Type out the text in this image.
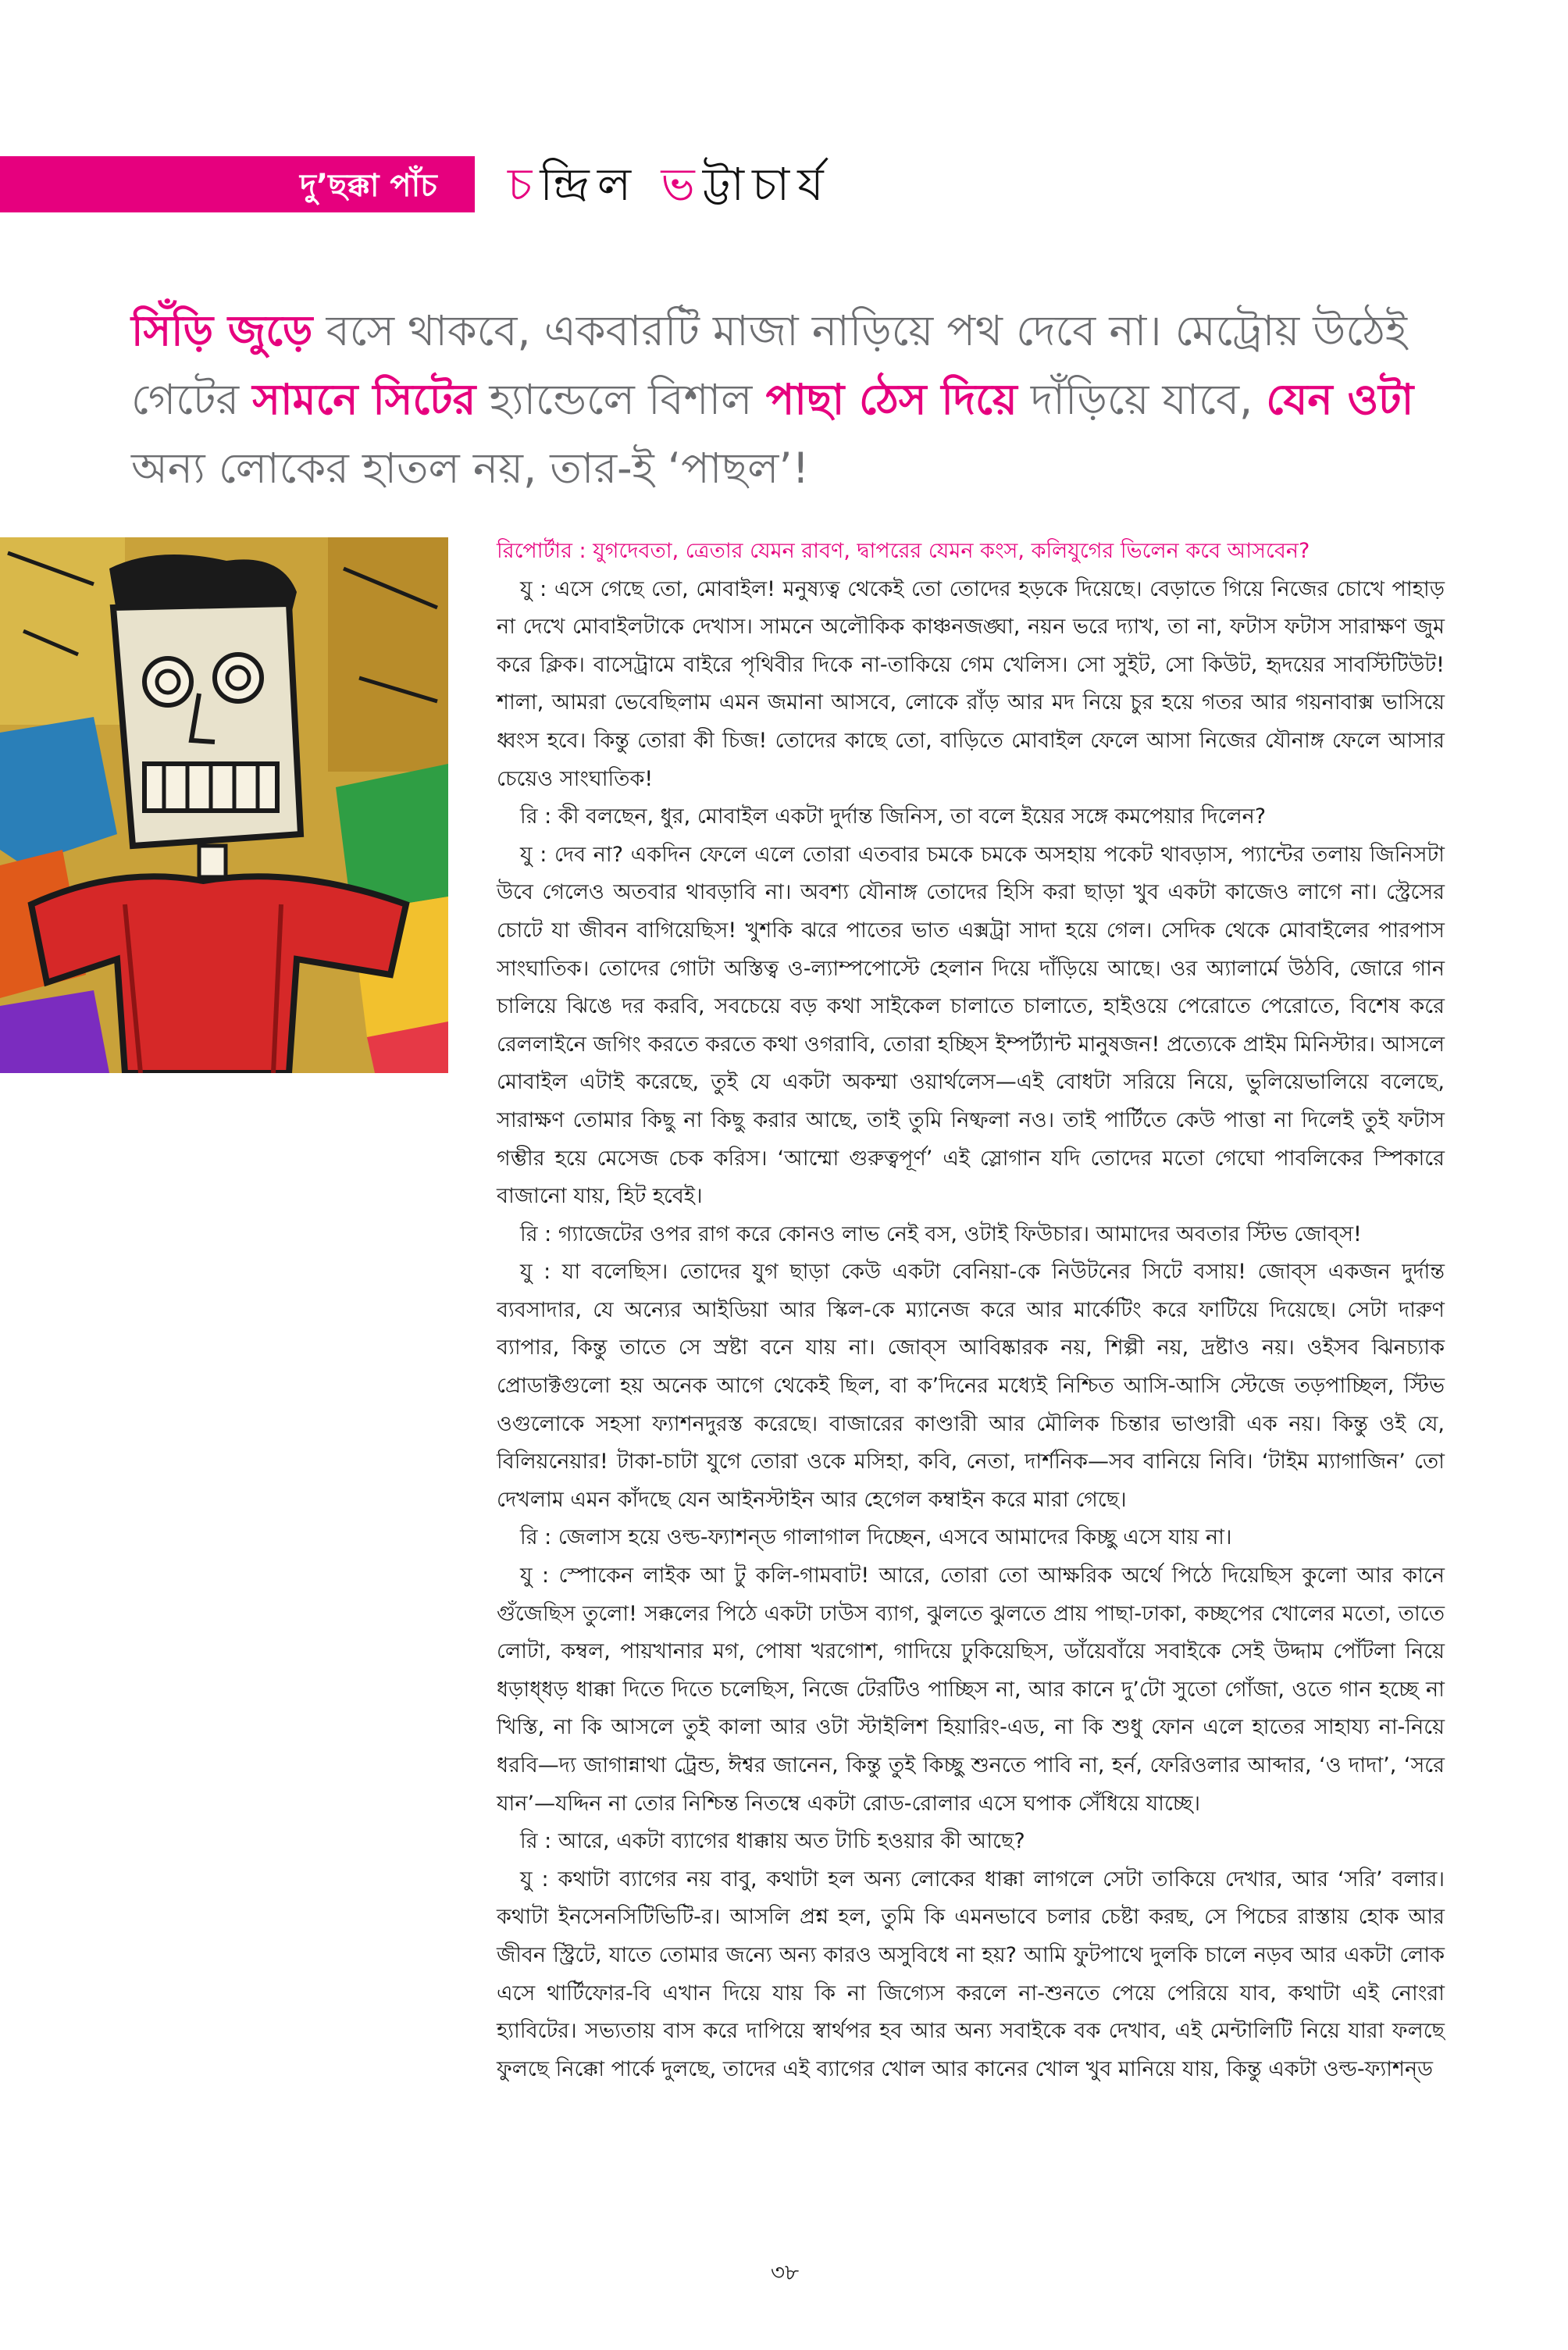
দু’ছক্কা পাঁচ চন্দ্রিল ভট্টাচার্য
সিঁড়ি জুড়ে বসে থাকবে, একবারটি মাজা নাড়িয়ে পথ দেবে না। মেট্রোয় উঠেই গেটের সামনে সিটের হ্যান্ডেলে বিশাল পাছা ঠেস দিয়ে দাঁড়িয়ে যাবে, যেন ওটা অন্য লোকের হাতল নয়, তার-ই ‘পাছল’!

রিপোর্টার : যুগদেবতা, ত্রেতার যেমন রাবণ, দ্বাপরের যেমন কংস, কলিযুগের ভিলেন কবে আসবেন?

যু : এসে গেছে তো, মোবাইল! মনুষ্যত্ব থেকেই তো তোদের হড়কে দিয়েছে। বেড়াতে গিয়ে নিজের চোখে পাহাড় না দেখে মোবাইলটাকে দেখাস। সামনে অলৌকিক কাঞ্চনজঙ্ঘা, নয়ন ভরে দ্যাখ, তা না, ফটাস ফটাস সারাক্ষণ জুম করে ক্লিক। বাসেট্রামে বাইরে পৃথিবীর দিকে না-তাকিয়ে গেম খেলিস। সো সুইট, সো কিউট, হৃদয়ের সাবস্টিটিউট! শালা, আমরা ভেবেছিলাম এমন জমানা আসবে, লোকে রাঁড় আর মদ নিয়ে চুর হয়ে গতর আর গয়নাবাক্স ভাসিয়ে ধ্বংস হবে। কিন্তু তোরা কী চিজ! তোদের কাছে তো, বাড়িতে মোবাইল ফেলে আসা নিজের যৌনাঙ্গ ফেলে আসার চেয়েও সাংঘাতিক!

রি : কী বলছেন, ধুর, মোবাইল একটা দুর্দান্ত জিনিস, তা বলে ইয়ের সঙ্গে কমপেয়ার দিলেন?

যু : দেব না? একদিন ফেলে এলে তোরা এতবার চমকে চমকে অসহায় পকেট থাবড়াস, প্যান্টের তলায় জিনিসটা উবে গেলেও অতবার থাবড়াবি না। অবশ্য যৌনাঙ্গ তোদের হিসি করা ছাড়া খুব একটা কাজেও লাগে না। স্ট্রেসের চোটে যা জীবন বাগিয়েছিস! খুশকি ঝরে পাতের ভাত এক্সট্রা সাদা হয়ে গেল। সেদিক থেকে মোবাইলের পারপাস সাংঘাতিক। তোদের গোটা অস্তিত্ব ও-ল্যাম্পপোস্টে হেলান দিয়ে দাঁড়িয়ে আছে। ওর অ্যালার্মে উঠবি, জোরে গান চালিয়ে ঝিঙে দর করবি, সবচেয়ে বড় কথা সাইকেল চালাতে চালাতে, হাইওয়ে পেরোতে পেরোতে, বিশেষ করে রেললাইনে জগিং করতে করতে কথা ওগরাবি, তোরা হচ্ছিস ইম্পর্ট্যান্ট মানুষজন! প্রত্যেকে প্রাইম মিনিস্টার। আসলে মোবাইল এটাই করেছে, তুই যে একটা অকম্মা ওয়ার্থলেস—এই বোধটা সরিয়ে নিয়ে, ভুলিয়েভালিয়ে বলেছে, সারাক্ষণ তোমার কিছু না কিছু করার আছে, তাই তুমি নিষ্ফলা নও। তাই পার্টিতে কেউ পাত্তা না দিলেই তুই ফটাস গম্ভীর হয়ে মেসেজ চেক করিস। ‘আম্মো গুরুত্বপূর্ণ’ এই স্লোগান যদি তোদের মতো গেঘো পাবলিকের স্পিকারে বাজানো যায়, হিট হবেই।

রি : গ্যাজেটের ওপর রাগ করে কোনও লাভ নেই বস, ওটাই ফিউচার। আমাদের অবতার স্টিভ জোব্‌স!

যু : যা বলেছিস। তোদের যুগ ছাড়া কেউ একটা বেনিয়া-কে নিউটনের সিটে বসায়! জোব্‌স একজন দুর্দান্ত ব্যবসাদার, যে অন্যের আইডিয়া আর স্কিল-কে ম্যানেজ করে আর মার্কেটিং করে ফাটিয়ে দিয়েছে। সেটা দারুণ ব্যাপার, কিন্তু তাতে সে স্রষ্টা বনে যায় না। জোব্‌স আবিষ্কারক নয়, শিল্পী নয়, দ্রষ্টাও নয়। ওইসব ঝিনচ্যাক প্রোডাক্টগুলো হয় অনেক আগে থেকেই ছিল, বা ক’দিনের মধ্যেই নিশ্চিত আসি-আসি স্টেজে তড়পাচ্ছিল, স্টিভ ওগুলোকে সহসা ফ্যাশনদুরস্ত করেছে। বাজারের কাণ্ডারী আর মৌলিক চিন্তার ভাণ্ডারী এক নয়। কিন্তু ওই যে, বিলিয়নেয়ার! টাকা-চাটা যুগে তোরা ওকে মসিহা, কবি, নেতা, দার্শনিক—সব বানিয়ে নিবি। ‘টাইম ম্যাগাজিন’ তো দেখলাম এমন কাঁদছে যেন আইনস্টাইন আর হেগেল কম্বাইন করে মারা গেছে।

রি : জেলাস হয়ে ওল্ড-ফ্যাশন্‌ড গালাগাল দিচ্ছেন, এসবে আমাদের কিচ্ছু এসে যায় না।

যু : স্পোকেন লাইক আ টু কলি-গামবাট! আরে, তোরা তো আক্ষরিক অর্থে পিঠে দিয়েছিস কুলো আর কানে গুঁজেছিস তুলো! সক্কলের পিঠে একটা ঢাউস ব্যাগ, ঝুলতে ঝুলতে প্রায় পাছা-ঢাকা, কচ্ছপের খোলের মতো, তাতে লোটা, কম্বল, পায়খানার মগ, পোষা খরগোশ, গাদিয়ে ঢুকিয়েছিস, ডাঁয়েবাঁয়ে সবাইকে সেই উদ্দাম পোঁটলা নিয়ে ধড়াধ্ধড় ধাক্কা দিতে দিতে চলেছিস, নিজে টেরটিও পাচ্ছিস না, আর কানে দু’টো সুতো গোঁজা, ওতে গান হচ্ছে না খিস্তি, না কি আসলে তুই কালা আর ওটা স্টাইলিশ হিয়ারিং-এড, না কি শুধু ফোন এলে হাতের সাহায্য না-নিয়ে ধরবি—দ্য জাগান্নাথা ট্রেন্ড, ঈশ্বর জানেন, কিন্তু তুই কিচ্ছু শুনতে পাবি না, হর্ন, ফেরিওলার আব্দার, ‘ও দাদা’, ‘সরে যান’—যদ্দিন না তোর নিশ্চিন্ত নিতম্বে একটা রোড-রোলার এসে ঘপাক সেঁধিয়ে যাচ্ছে।

রি : আরে, একটা ব্যাগের ধাক্কায় অত টাচি হওয়ার কী আছে?

যু : কথাটা ব্যাগের নয় বাবু, কথাটা হল অন্য লোকের ধাক্কা লাগলে সেটা তাকিয়ে দেখার, আর ‘সরি’ বলার। কথাটা ইনসেনসিটিভিটি-র। আসলি প্রশ্ন হল, তুমি কি এমনভাবে চলার চেষ্টা করছ, সে পিচের রাস্তায় হোক আর জীবন স্ট্রিটে, যাতে তোমার জন্যে অন্য কারও অসুবিধে না হয়? আমি ফুটপাথে দুলকি চালে নড়ব আর একটা লোক এসে থার্টিফোর-বি এখান দিয়ে যায় কি না জিগ্যেস করলে না-শুনতে পেয়ে পেরিয়ে যাব, কথাটা এই নোংরা হ্যাবিটের। সভ্যতায় বাস করে দাপিয়ে স্বার্থপর হব আর অন্য সবাইকে বক দেখাব, এই মেন্টালিটি নিয়ে যারা ফলছে ফুলছে নিক্কো পার্কে দুলছে, তাদের এই ব্যাগের খোল আর কানের খোল খুব মানিয়ে যায়, কিন্তু একটা ওল্ড-ফ্যাশন্‌ড

৩৮
